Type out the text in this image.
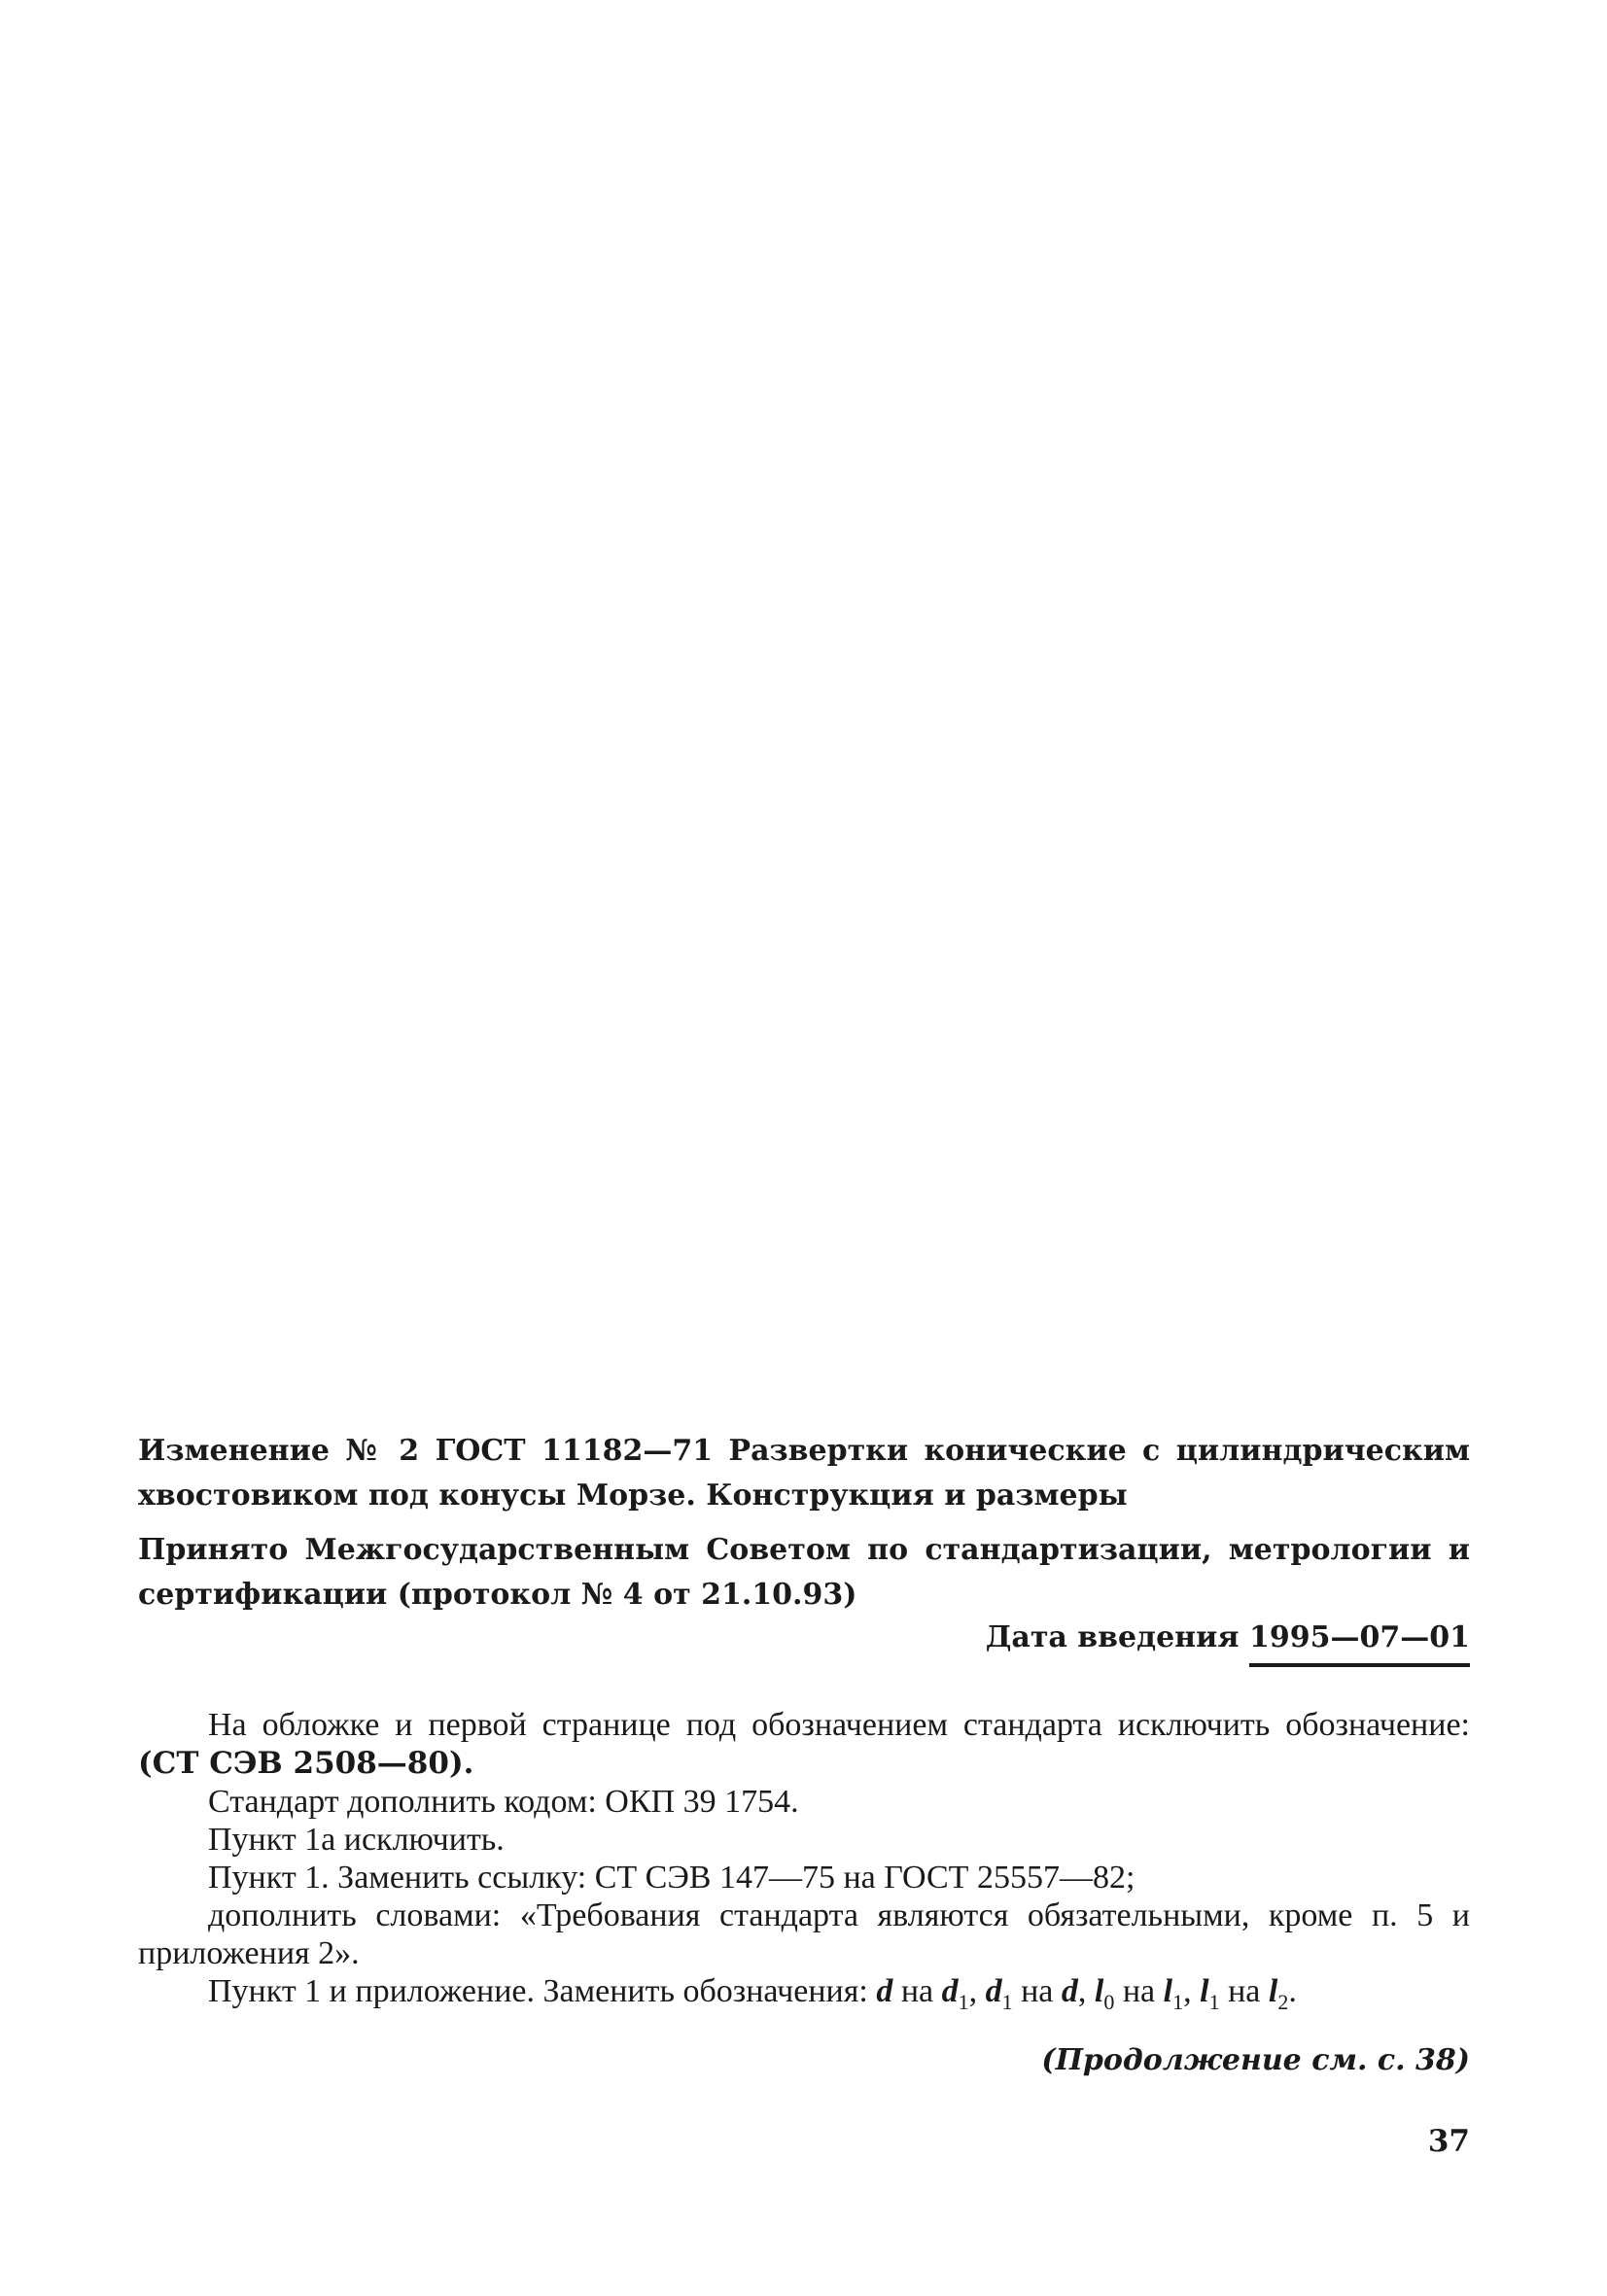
Изменение № 2 ГОСТ 11182—71 Развертки конические с цилиндрическим хвостовиком под конусы Морзе. Конструкция и размеры
Принято Межгосударственным Советом по стандартизации, метрологии и сертификации (протокол № 4 от 21.10.93)
Дата введения 1995—07—01

На обложке и первой странице под обозначением стандарта исключить обозначение: (СТ СЭВ 2508—80).

Стандарт дополнить кодом: ОКП 39 1754.

Пункт 1а исключить.

Пункт 1. Заменить ссылку: СТ СЭВ 147—75 на ГОСТ 25557—82;

дополнить словами: «Требования стандарта являются обязательными, кроме п. 5 и приложения 2».

Пункт 1 и приложение. Заменить обозначения: d на $d_1$, $d_1$ на d, $l_0$ на $l_1$, $l_1$ на $l_2$.

(Продолжение см. с. 38)
37
